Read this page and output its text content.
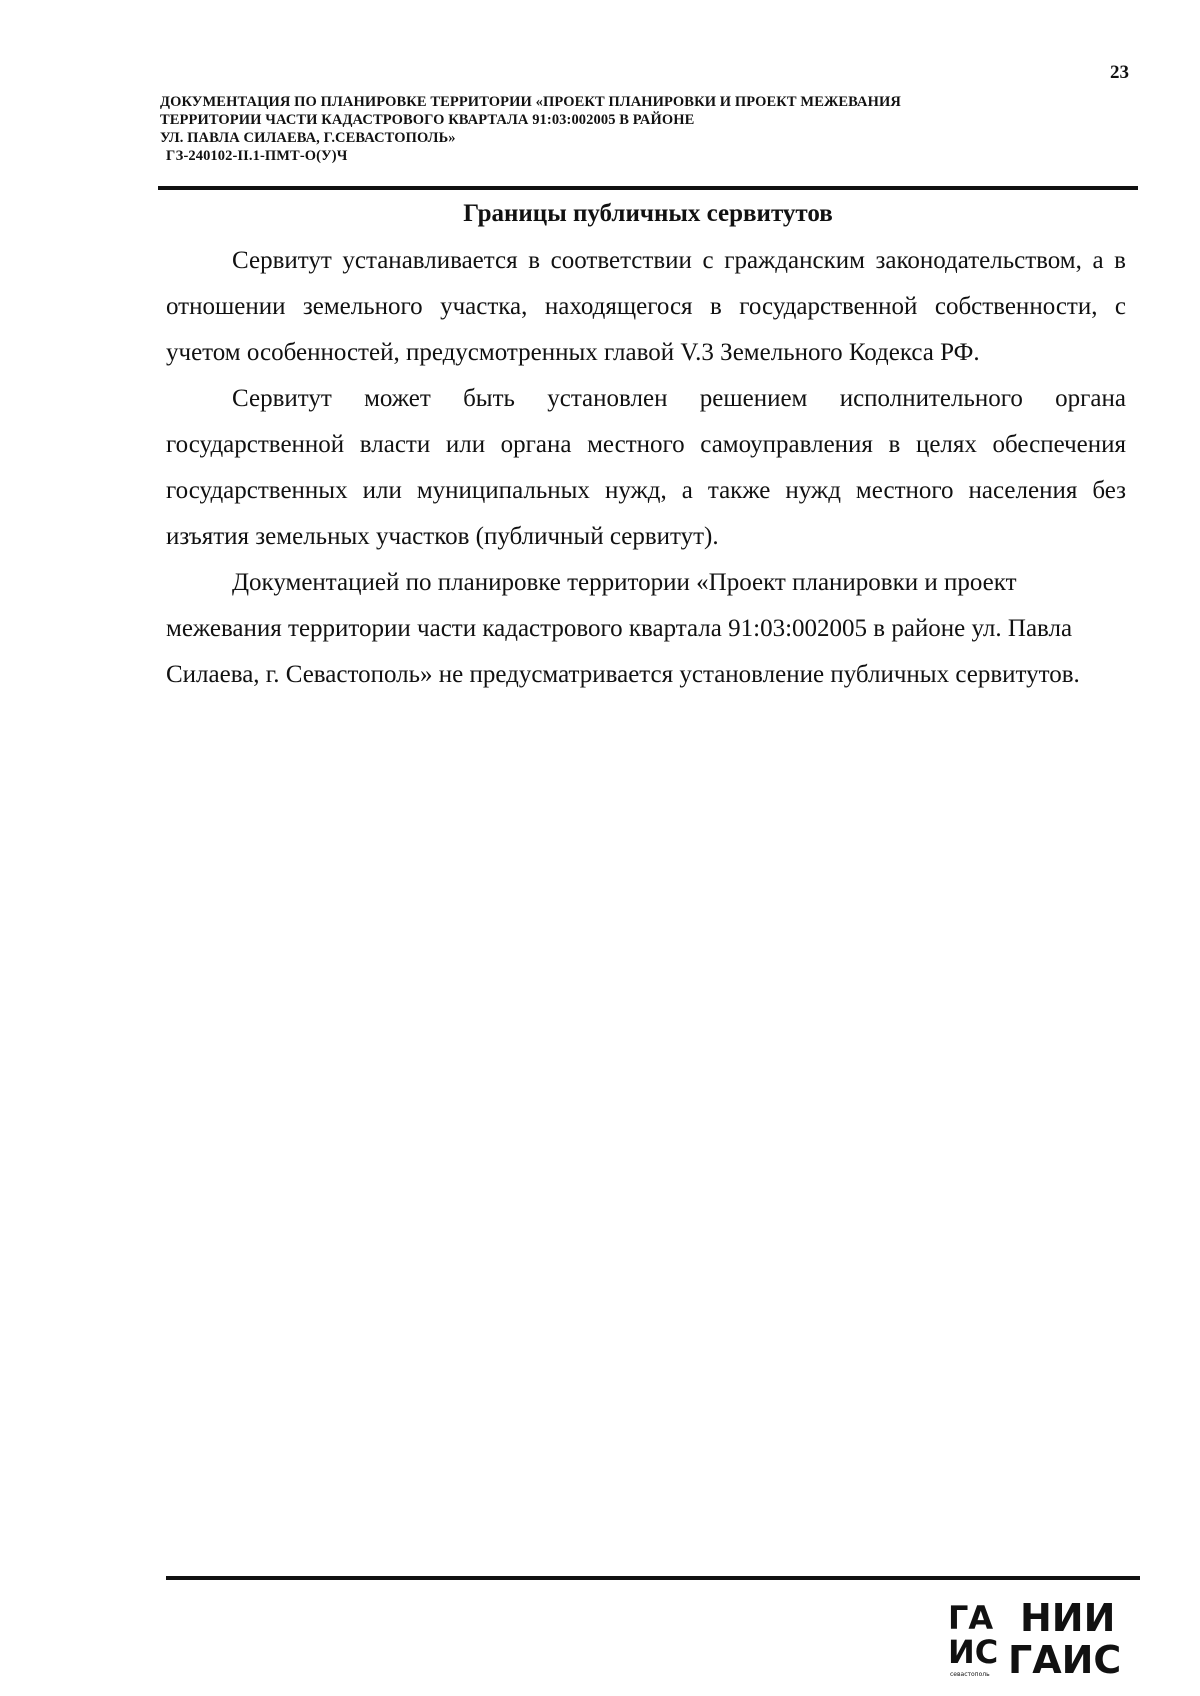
23
ДОКУМЕНТАЦИЯ ПО ПЛАНИРОВКЕ ТЕРРИТОРИИ «ПРОЕКТ ПЛАНИРОВКИ И ПРОЕКТ МЕЖЕВАНИЯ
ТЕРРИТОРИИ ЧАСТИ КАДАСТРОВОГО КВАРТАЛА 91:03:002005 В РАЙОНЕ
УЛ. ПАВЛА СИЛАЕВА, Г.СЕВАСТОПОЛЬ»
ГЗ-240102-II.1-ПМТ-О(У)Ч
Границы публичных сервитутов

Сервитут устанавливается в соответствии с гражданским законодательством, а в отношении земельного участка, находящегося в государственной собственности, с учетом особенностей, предусмотренных главой V.3 Земельного Кодекса РФ.

Сервитут может быть установлен решением исполнительного органа государственной власти или органа местного самоуправления в целях обеспечения государственных или муниципальных нужд, а также нужд местного населения без изъятия земельных участков (публичный сервитут).

Документацией по планировке территории «Проект планировки и проект межевания территории части кадастрового квартала 91:03:002005 в районе ул. Павла Силаева, г. Севастополь» не предусматривается установление публичных сервитутов.

ГА
ИС
севастополь
НИИ
ГАИС
